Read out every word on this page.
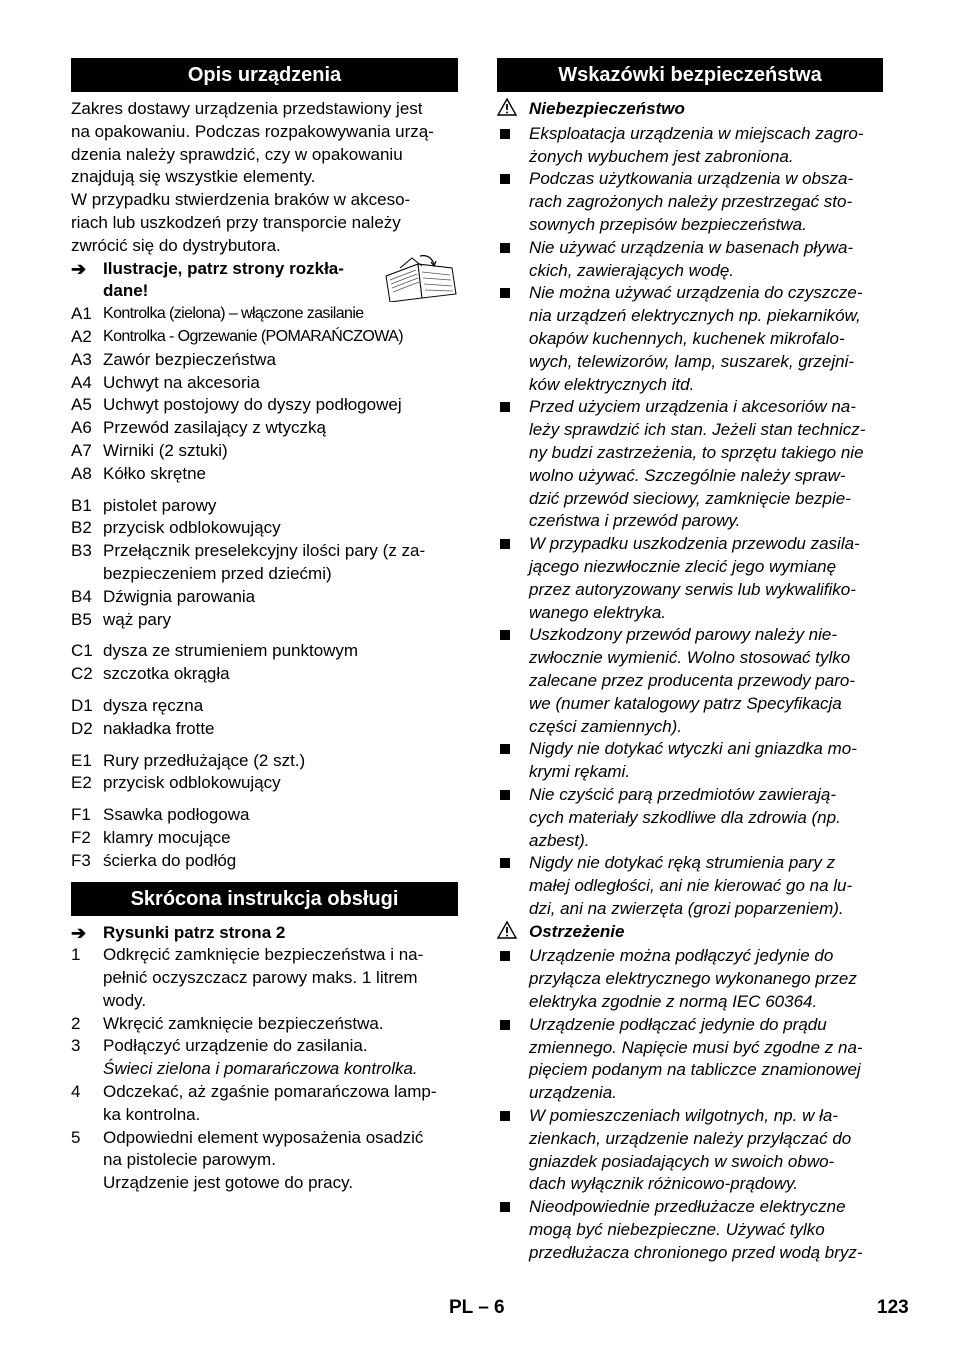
Opis urządzenia
Zakres dostawy urządzenia przedstawiony jest
na opakowaniu. Podczas rozpakowywania urzą-
dzenia należy sprawdzić, czy w opakowaniu
znajdują się wszystkie elementy.
W przypadku stwierdzenia braków w akceso-
riach lub uszkodzeń przy transporcie należy
zwrócić się do dystrybutora.
➔ Ilustracje, patrz strony rozkła-
dane!
A1 Kontrolka (zielona) – włączone zasilanie
A2 Kontrolka - Ogrzewanie (POMARAŃCZOWA)
A3 Zawór bezpieczeństwa
A4 Uchwyt na akcesoria
A5 Uchwyt postojowy do dyszy podłogowej
A6 Przewód zasilający z wtyczką
A7 Wirniki (2 sztuki)
A8 Kółko skrętne
B1 pistolet parowy
B2 przycisk odblokowujący
B3 Przełącznik preselekcyjny ilości pary (z za-
bezpieczeniem przed dziećmi)
B4 Dźwignia parowania
B5 wąż pary
C1 dysza ze strumieniem punktowym
C2 szczotka okrągła
D1 dysza ręczna
D2 nakładka frotte
E1 Rury przedłużające (2 szt.)
E2 przycisk odblokowujący
F1 Ssawka podłogowa
F2 klamry mocujące
F3 ścierka do podłóg
Skrócona instrukcja obsługi
➔ Rysunki patrz strona 2
1	Odkręcić zamknięcie bezpieczeństwa i na-
pełnić oczyszczacz parowy maks. 1 litrem
wody.
2	Wkręcić zamknięcie bezpieczeństwa.
3	Podłączyć urządzenie do zasilania.
Świeci zielona i pomarańczowa kontrolka.
4	Odczekać, aż zgaśnie pomarańczowa lamp-
ka kontrolna.
5	Odpowiedni element wyposażenia osadzić
na pistolecie parowym.
Urządzenie jest gotowe do pracy.
Wskazówki bezpieczeństwa
Niebezpieczeństwo
Eksploatacja urządzenia w miejscach zagro-
żonych wybuchem jest zabroniona.
Podczas użytkowania urządzenia w obsza-
rach zagrożonych należy przestrzegać sto-
sownych przepisów bezpieczeństwa.
Nie używać urządzenia w basenach pływa-
ckich, zawierających wodę.
Nie można używać urządzenia do czyszcze-
nia urządzeń elektrycznych np. piekarników,
okapów kuchennych, kuchenek mikrofalo-
wych, telewizorów, lamp, suszarek, grzejni-
ków elektrycznych itd.
Przed użyciem urządzenia i akcesoriów na-
leży sprawdzić ich stan. Jeżeli stan technicz-
ny budzi zastrzeżenia, to sprzętu takiego nie
wolno używać. Szczególnie należy spraw-
dzić przewód sieciowy, zamknięcie bezpie-
czeństwa i przewód parowy.
W przypadku uszkodzenia przewodu zasila-
jącego niezwłocznie zlecić jego wymianę
przez autoryzowany serwis lub wykwalifiko-
wanego elektryka.
Uszkodzony przewód parowy należy nie-
zwłocznie wymienić. Wolno stosować tylko
zalecane przez producenta przewody paro-
we (numer katalogowy patrz Specyfikacja
części zamiennych).
Nigdy nie dotykać wtyczki ani gniazdka mo-
krymi rękami.
Nie czyścić parą przedmiotów zawierają-
cych materiały szkodliwe dla zdrowia (np.
azbest).
Nigdy nie dotykać ręką strumienia pary z
małej odległości, ani nie kierować go na lu-
dzi, ani na zwierzęta (grozi poparzeniem).
Ostrzeżenie
Urządzenie można podłączyć jedynie do
przyłącza elektrycznego wykonanego przez
elektryka zgodnie z normą IEC 60364.
Urządzenie podłączać jedynie do prądu
zmiennego. Napięcie musi być zgodne z na-
pięciem podanym na tabliczce znamionowej
urządzenia.
W pomieszczeniach wilgotnych, np. w ła-
zienkach, urządzenie należy przyłączać do
gniazdek posiadających w swoich obwo-
dach wyłącznik różnicowo-prądowy.
Nieodpowiednie przedłużacze elektryczne
mogą być niebezpieczne. Używać tylko
przedłużacza chronionego przed wodą bryz-
PL – 6	123
